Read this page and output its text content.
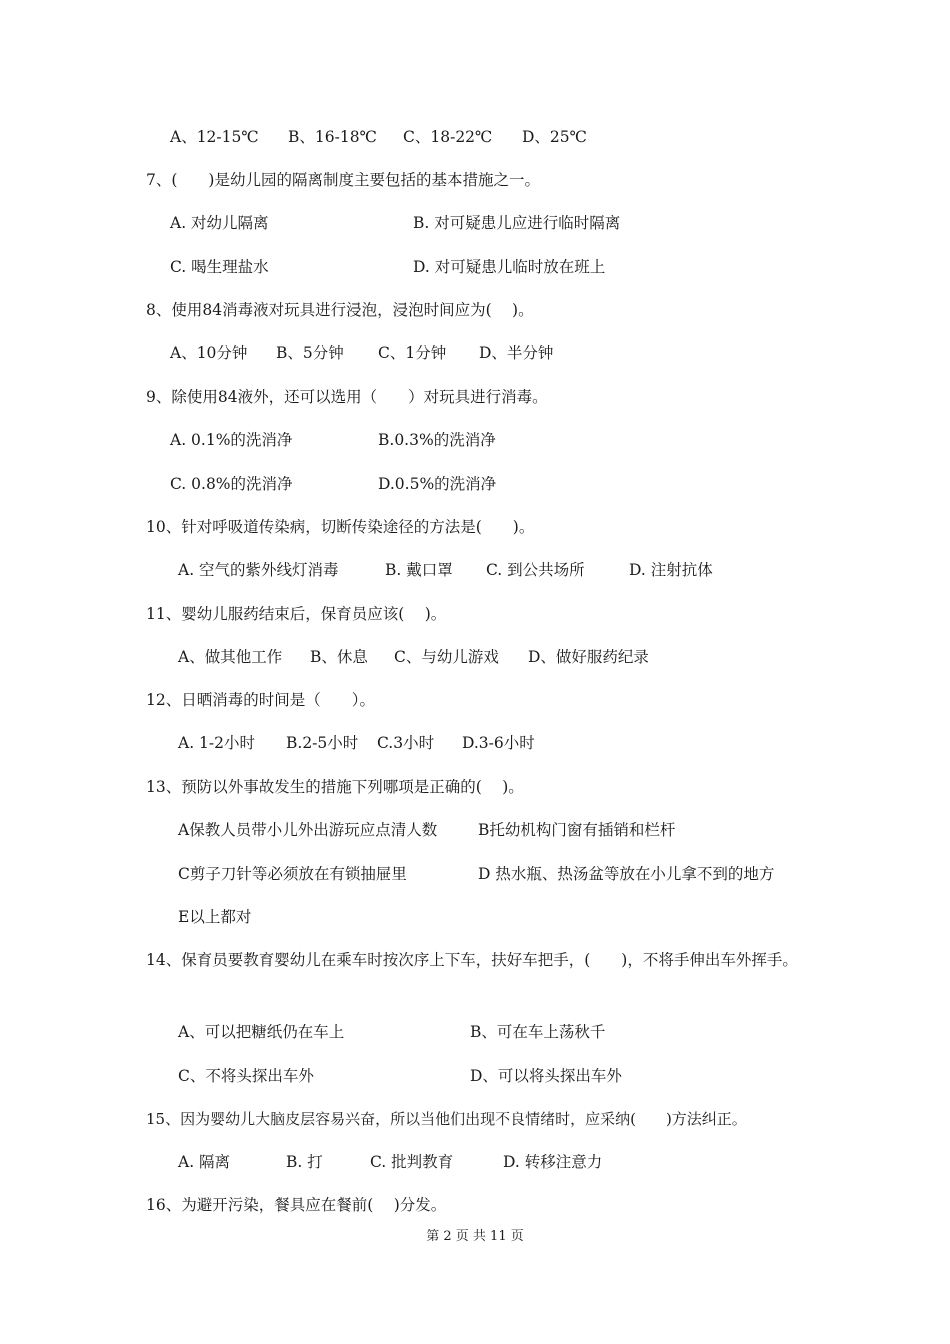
A、12-15℃ B、16-18℃ C、18-22℃ D、25℃
7、(　　)是幼儿园的隔离制度主要包括的基本措施之一。
A. 对幼儿隔离	B. 对可疑患儿应进行临时隔离
C. 喝生理盐水	D. 对可疑患儿临时放在班上
8、使用84消毒液对玩具进行浸泡，浸泡时间应为(　 )。
A、10分钟 B、5分钟 C、1分钟 D、半分钟
9、除使用84液外，还可以选用（　　）对玩具进行消毒。
A. 0.1%的洗消净	B.0.3%的洗消净
C. 0.8%的洗消净	D.0.5%的洗消净
10、针对呼吸道传染病，切断传染途径的方法是(　　)。
A. 空气的紫外线灯消毒	B. 戴口罩 C. 到公共场所	D. 注射抗体
11、婴幼儿服药结束后，保育员应该(　 )。
A、做其他工作 B、休息 C、与幼儿游戏 D、做好服药纪录
12、日晒消毒的时间是（　　）。
A. 1-2小时 B.2-5小时 C.3小时 D.3-6小时
13、预防以外事故发生的措施下列哪项是正确的(　 )。
A保教人员带小儿外出游玩应点清人数	B托幼机构门窗有插销和栏杆
C剪子刀针等必须放在有锁抽屉里	D 热水瓶、热汤盆等放在小儿拿不到的地方
E以上都对
14、保育员要教育婴幼儿在乘车时按次序上下车，扶好车把手，(　　)，不将手伸出车外挥手。
A、可以把糖纸仍在车上	B、可在车上荡秋千
C、不将头探出车外	D、可以将头探出车外
15、因为婴幼儿大脑皮层容易兴奋，所以当他们出现不良情绪时，应采纳(　　)方法纠正。
A. 隔离	B. 打	C. 批判教育	D. 转移注意力
16、为避开污染，餐具应在餐前(　 )分发。
第 2 页 共 11 页
